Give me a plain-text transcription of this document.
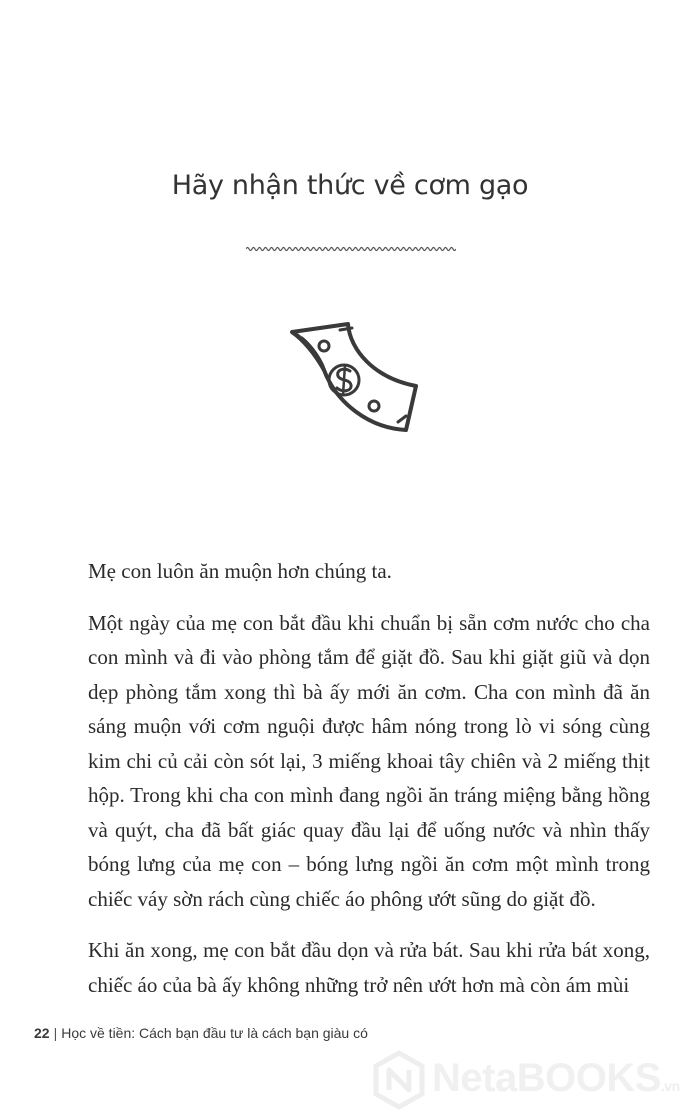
Hãy nhận thức về cơm gạo

Mẹ con luôn ăn muộn hơn chúng ta.

Một ngày của mẹ con bắt đầu khi chuẩn bị sẵn cơm nước cho cha con mình và đi vào phòng tắm để giặt đồ. Sau khi giặt giũ và dọn dẹp phòng tắm xong thì bà ấy mới ăn cơm. Cha con mình đã ăn sáng muộn với cơm nguội được hâm nóng trong lò vi sóng cùng kim chi củ cải còn sót lại, 3 miếng khoai tây chiên và 2 miếng thịt hộp. Trong khi cha con mình đang ngồi ăn tráng miệng bằng hồng và quýt, cha đã bất giác quay đầu lại để uống nước và nhìn thấy bóng lưng của mẹ con – bóng lưng ngồi ăn cơm một mình trong chiếc váy sờn rách cùng chiếc áo phông ướt sũng do giặt đồ.

Khi ăn xong, mẹ con bắt đầu dọn và rửa bát. Sau khi rửa bát xong, chiếc áo của bà ấy không những trở nên ướt hơn mà còn ám mùi

22 | Học về tiền: Cách bạn đầu tư là cách bạn giàu có
NetaBOOKS.vn
